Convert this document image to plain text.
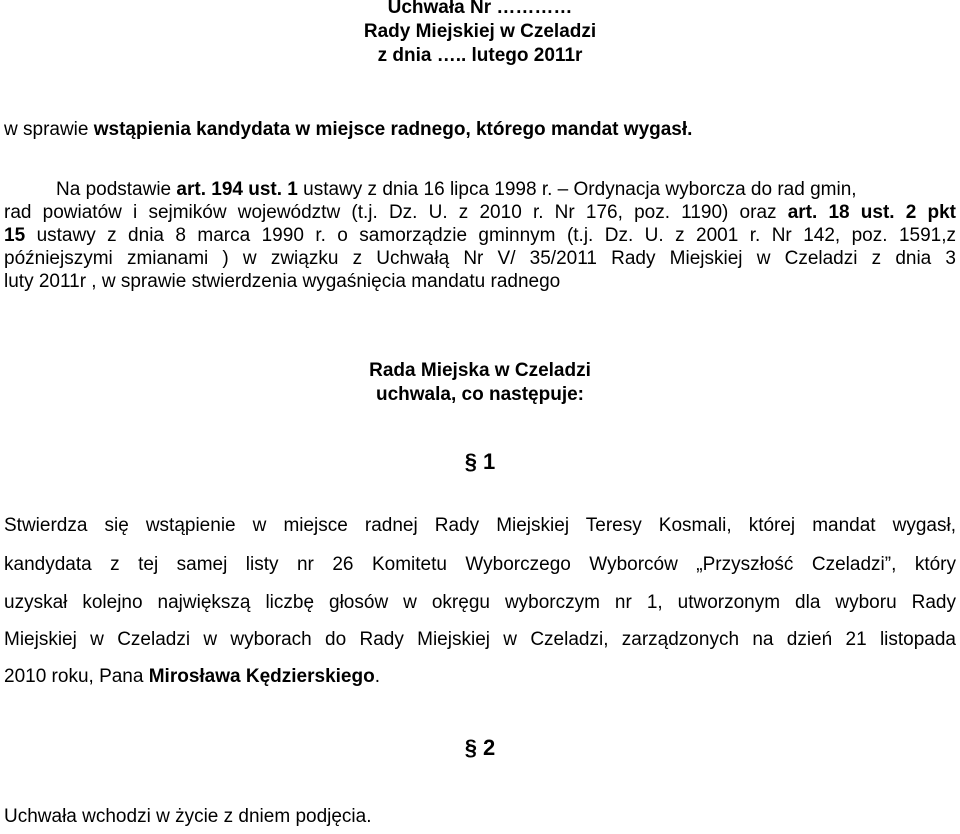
Uchwała Nr …………
Rady Miejskiej w Czeladzi
z dnia ….. lutego 2011r
w sprawie wstąpienia kandydata w miejsce radnego, którego mandat wygasł.
Na podstawie art. 194 ust. 1 ustawy z dnia 16 lipca 1998 r. – Ordynacja wyborcza do rad gmin,
rad powiatów i sejmików województw (t.j. Dz. U. z 2010 r. Nr 176, poz. 1190) oraz art. 18 ust. 2 pkt
15 ustawy z dnia 8 marca 1990 r. o samorządzie gminnym (t.j. Dz. U. z 2001 r. Nr 142, poz. 1591,z
późniejszymi zmianami ) w związku z Uchwałą Nr V/ 35/2011 Rady Miejskiej w Czeladzi z dnia 3
luty 2011r , w sprawie stwierdzenia wygaśnięcia mandatu radnego
Rada Miejska w Czeladzi
uchwala, co następuje:
§ 1
Stwierdza się wstąpienie w miejsce radnej Rady Miejskiej Teresy Kosmali, której mandat wygasł,
kandydata z tej samej listy nr 26 Komitetu Wyborczego Wyborców „Przyszłość Czeladzi”, który
uzyskał kolejno największą liczbę głosów w okręgu wyborczym nr 1, utworzonym dla wyboru Rady
Miejskiej w Czeladzi w wyborach do Rady Miejskiej w Czeladzi, zarządzonych na dzień 21 listopada
2010 roku, Pana Mirosława Kędzierskiego.
§ 2
Uchwała wchodzi w życie z dniem podjęcia.
